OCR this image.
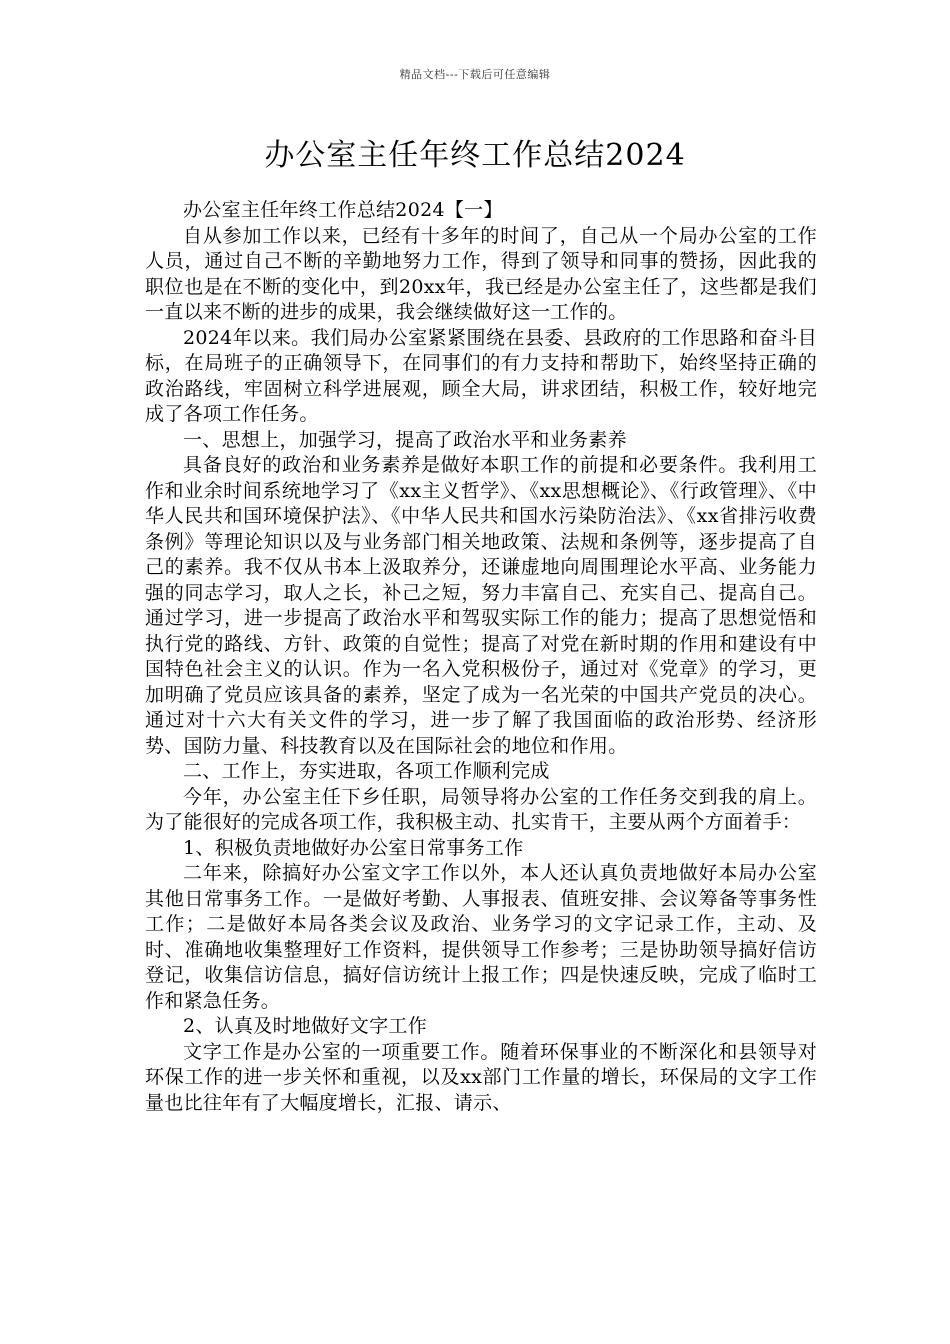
精品文档---下载后可任意编辑
办公室主任年终工作总结2024

办公室主任年终工作总结2024【一】

自从参加工作以来，已经有十多年的时间了，自己从一个局办公室的工作人员，通过自己不断的辛勤地努力工作，得到了领导和同事的赞扬，因此我的职位也是在不断的变化中，到20xx年，我已经是办公室主任了，这些都是我们一直以来不断的进步的成果，我会继续做好这一工作的。

2024年以来。我们局办公室紧紧围绕在县委、县政府的工作思路和奋斗目标，在局班子的正确领导下，在同事们的有力支持和帮助下，始终坚持正确的政治路线，牢固树立科学进展观，顾全大局，讲求团结，积极工作，较好地完成了各项工作任务。

一、思想上，加强学习，提高了政治水平和业务素养

具备良好的政治和业务素养是做好本职工作的前提和必要条件。我利用工作和业余时间系统地学习了《xx主义哲学》、《xx思想概论》、《行政管理》、《中华人民共和国环境保护法》、《中华人民共和国水污染防治法》、《xx省排污收费条例》等理论知识以及与业务部门相关地政策、法规和条例等，逐步提高了自己的素养。我不仅从书本上汲取养分，还谦虚地向周围理论水平高、业务能力强的同志学习，取人之长，补己之短，努力丰富自己、充实自己、提高自己。通过学习，进一步提高了政治水平和驾驭实际工作的能力；提高了思想觉悟和执行党的路线、方针、政策的自觉性；提高了对党在新时期的作用和建设有中国特色社会主义的认识。作为一名入党积极份子，通过对《党章》的学习，更加明确了党员应该具备的素养，坚定了成为一名光荣的中国共产党员的决心。通过对十六大有关文件的学习，进一步了解了我国面临的政治形势、经济形势、国防力量、科技教育以及在国际社会的地位和作用。

二、工作上，夯实进取，各项工作顺利完成

今年，办公室主任下乡任职，局领导将办公室的工作任务交到我的肩上。为了能很好的完成各项工作，我积极主动、扎实肯干，主要从两个方面着手：

1、积极负责地做好办公室日常事务工作

二年来，除搞好办公室文字工作以外，本人还认真负责地做好本局办公室其他日常事务工作。一是做好考勤、人事报表、值班安排、会议筹备等事务性工作；二是做好本局各类会议及政治、业务学习的文字记录工作，主动、及时、准确地收集整理好工作资料，提供领导工作参考；三是协助领导搞好信访登记，收集信访信息，搞好信访统计上报工作；四是快速反映，完成了临时工作和紧急任务。

2、认真及时地做好文字工作

文字工作是办公室的一项重要工作。随着环保事业的不断深化和县领导对环保工作的进一步关怀和重视，以及xx部门工作量的增长，环保局的文字工作量也比往年有了大幅度增长，汇报、请示、
